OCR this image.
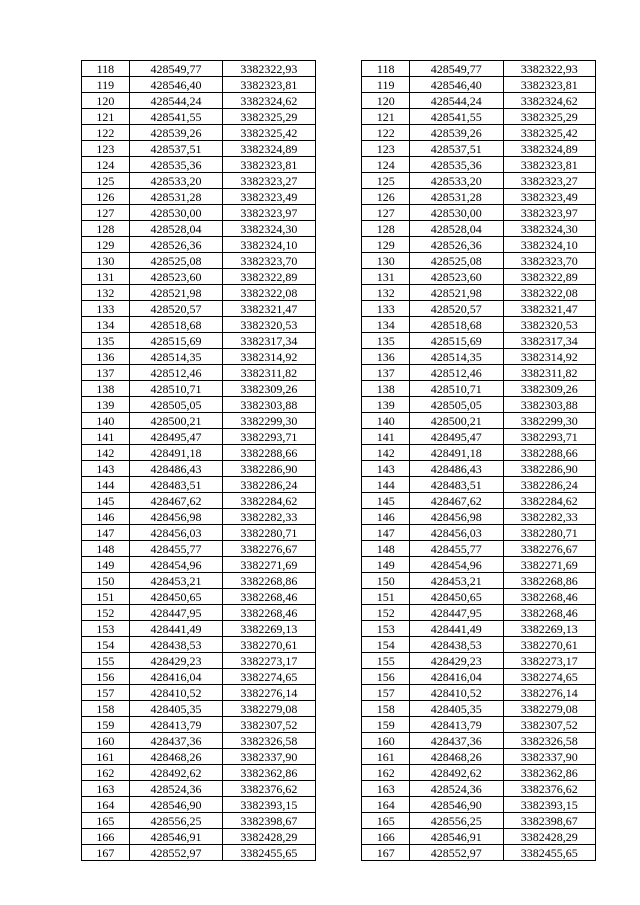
118	428549,77	3382322,93		118	428549,77	3382322,93
119	428546,40	3382323,81		119	428546,40	3382323,81
120	428544,24	3382324,62		120	428544,24	3382324,62
121	428541,55	3382325,29		121	428541,55	3382325,29
122	428539,26	3382325,42		122	428539,26	3382325,42
123	428537,51	3382324,89		123	428537,51	3382324,89
124	428535,36	3382323,81		124	428535,36	3382323,81
125	428533,20	3382323,27		125	428533,20	3382323,27
126	428531,28	3382323,49		126	428531,28	3382323,49
127	428530,00	3382323,97		127	428530,00	3382323,97
128	428528,04	3382324,30		128	428528,04	3382324,30
129	428526,36	3382324,10		129	428526,36	3382324,10
130	428525,08	3382323,70		130	428525,08	3382323,70
131	428523,60	3382322,89		131	428523,60	3382322,89
132	428521,98	3382322,08		132	428521,98	3382322,08
133	428520,57	3382321,47		133	428520,57	3382321,47
134	428518,68	3382320,53		134	428518,68	3382320,53
135	428515,69	3382317,34		135	428515,69	3382317,34
136	428514,35	3382314,92		136	428514,35	3382314,92
137	428512,46	3382311,82		137	428512,46	3382311,82
138	428510,71	3382309,26		138	428510,71	3382309,26
139	428505,05	3382303,88		139	428505,05	3382303,88
140	428500,21	3382299,30		140	428500,21	3382299,30
141	428495,47	3382293,71		141	428495,47	3382293,71
142	428491,18	3382288,66		142	428491,18	3382288,66
143	428486,43	3382286,90		143	428486,43	3382286,90
144	428483,51	3382286,24		144	428483,51	3382286,24
145	428467,62	3382284,62		145	428467,62	3382284,62
146	428456,98	3382282,33		146	428456,98	3382282,33
147	428456,03	3382280,71		147	428456,03	3382280,71
148	428455,77	3382276,67		148	428455,77	3382276,67
149	428454,96	3382271,69		149	428454,96	3382271,69
150	428453,21	3382268,86		150	428453,21	3382268,86
151	428450,65	3382268,46		151	428450,65	3382268,46
152	428447,95	3382268,46		152	428447,95	3382268,46
153	428441,49	3382269,13		153	428441,49	3382269,13
154	428438,53	3382270,61		154	428438,53	3382270,61
155	428429,23	3382273,17		155	428429,23	3382273,17
156	428416,04	3382274,65		156	428416,04	3382274,65
157	428410,52	3382276,14		157	428410,52	3382276,14
158	428405,35	3382279,08		158	428405,35	3382279,08
159	428413,79	3382307,52		159	428413,79	3382307,52
160	428437,36	3382326,58		160	428437,36	3382326,58
161	428468,26	3382337,90		161	428468,26	3382337,90
162	428492,62	3382362,86		162	428492,62	3382362,86
163	428524,36	3382376,62		163	428524,36	3382376,62
164	428546,90	3382393,15		164	428546,90	3382393,15
165	428556,25	3382398,67		165	428556,25	3382398,67
166	428546,91	3382428,29		166	428546,91	3382428,29
167	428552,97	3382455,65		167	428552,97	3382455,65
